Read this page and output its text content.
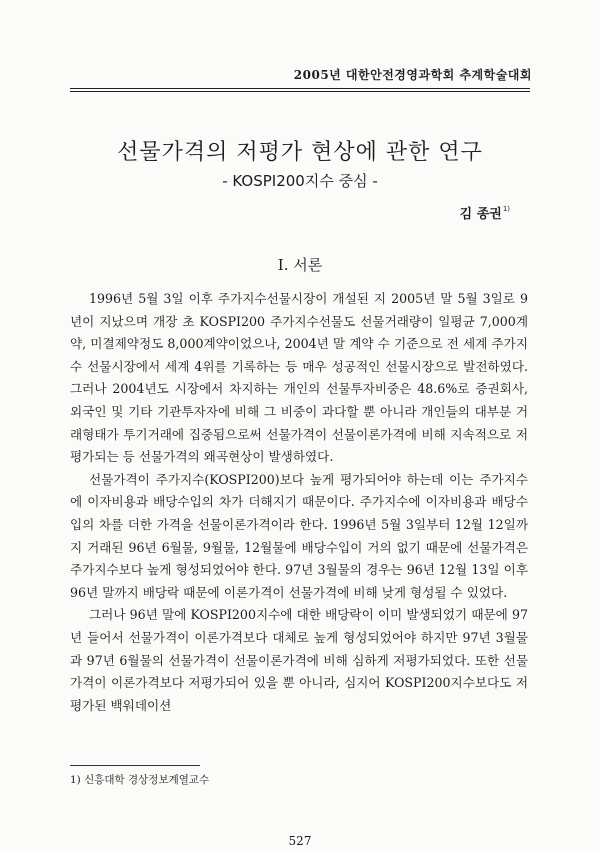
2005년 대한안전경영과학회 추계학술대회
선물가격의 저평가 현상에 관한 연구
- KOSPI200지수 중심 -
김 종권$^{1)}$
Ⅰ. 서론

1996년 5월 3일 이후 주가지수선물시장이 개설된 지 2005년 말 5월 3일로 9년이 지났으며 개장 초 KOSPI200 주가지수선물도 선물거래량이 일평균 7,000계약, 미결제약정도 8,000계약이었으나, 2004년 말 계약 수 기준으로 전 세계 주가지수 선물시장에서 세계 4위를 기록하는 등 매우 성공적인 선물시장으로 발전하였다. 그러나 2004년도 시장에서 차지하는 개인의 선물투자비중은 48.6%로 증권회사, 외국인 및 기타 기관투자자에 비해 그 비중이 과다할 뿐 아니라 개인들의 대부분 거래형태가 투기거래에 집중됨으로써 선물가격이 선물이론가격에 비해 지속적으로 저평가되는 등 선물가격의 왜곡현상이 발생하였다.

선물가격이 주가지수(KOSPI200)보다 높게 평가되어야 하는데 이는 주가지수에 이자비용과 배당수입의 차가 더해지기 때문이다. 주가지수에 이자비용과 배당수입의 차를 더한 가격을 선물이론가격이라 한다. 1996년 5월 3일부터 12월 12일까지 거래된 96년 6월물, 9월물, 12월물에 배당수입이 거의 없기 때문에 선물가격은 주가지수보다 높게 형성되었어야 한다. 97년 3월물의 경우는 96년 12월 13일 이후 96년 말까지 배당락 때문에 이론가격이 선물가격에 비해 낮게 형성될 수 있었다.

그러나 96년 말에 KOSPI200지수에 대한 배당락이 이미 발생되었기 때문에 97년 들어서 선물가격이 이론가격보다 대체로 높게 형성되었어야 하지만 97년 3월물과 97년 6월물의 선물가격이 선물이론가격에 비해 심하게 저평가되었다. 또한 선물가격이 이론가격보다 저평가되어 있을 뿐 아니라, 심지어 KOSPI200지수보다도 저평가된 백워데이션

1) 신흥대학 경상정보계열교수
527
